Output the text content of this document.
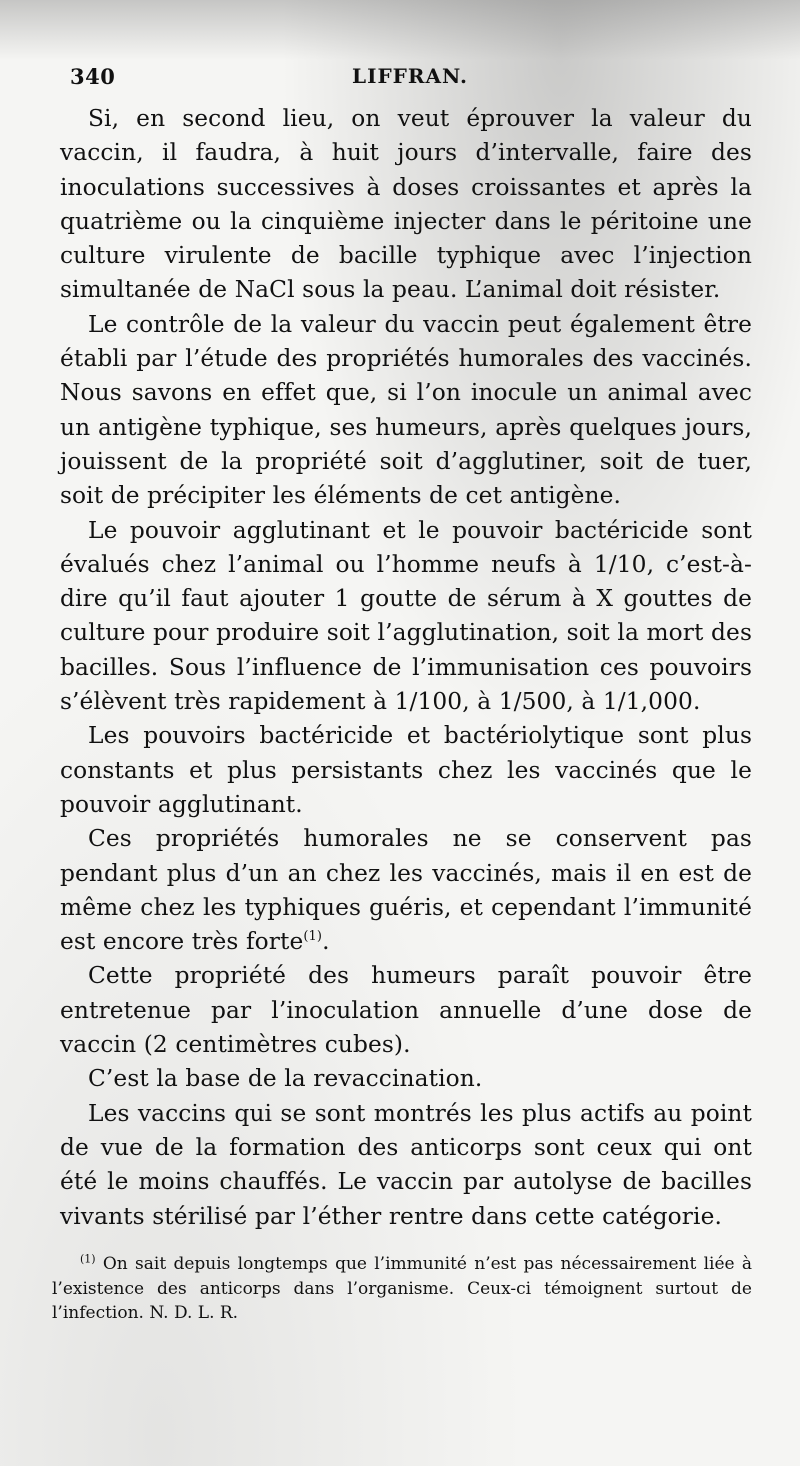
340	LIFFRAN.

Si, en second lieu, on veut éprouver la valeur du vaccin, il faudra, à huit jours d’intervalle, faire des inoculations successives à doses croissantes et après la quatrième ou la cinquième injecter dans le péritoine une culture virulente de bacille typhique avec l’injection simultanée de NaCl sous la peau. L’animal doit résister.

Le contrôle de la valeur du vaccin peut également être établi par l’étude des propriétés humorales des vaccinés. Nous savons en effet que, si l’on inocule un animal avec un antigène typhique, ses humeurs, après quelques jours, jouissent de la propriété soit d’agglutiner, soit de tuer, soit de précipiter les éléments de cet antigène.

Le pouvoir agglutinant et le pouvoir bactéricide sont évalués chez l’animal ou l’homme neufs à 1/10, c’est-à-dire qu’il faut ajouter 1 goutte de sérum à X gouttes de culture pour produire soit l’agglutination, soit la mort des bacilles. Sous l’influence de l’immunisation ces pouvoirs s’élèvent très rapidement à 1/100, à 1/500, à 1/1,000.

Les pouvoirs bactéricide et bactériolytique sont plus constants et plus persistants chez les vaccinés que le pouvoir agglutinant.

Ces propriétés humorales ne se conservent pas pendant plus d’un an chez les vaccinés, mais il en est de même chez les typhiques guéris, et cependant l’immunité est encore très forte$^{(1)}$.

Cette propriété des humeurs paraît pouvoir être entretenue par l’inoculation annuelle d’une dose de vaccin (2 centimètres cubes).

C’est la base de la revaccination.

Les vaccins qui se sont montrés les plus actifs au point de vue de la formation des anticorps sont ceux qui ont été le moins chauffés. Le vaccin par autolyse de bacilles vivants stérilisé par l’éther rentre dans cette catégorie.

$^{(1)}$ On sait depuis longtemps que l’immunité n’est pas nécessairement liée à l’existence des anticorps dans l’organisme. Ceux-ci témoignent surtout de l’infection. N. D. L. R.
